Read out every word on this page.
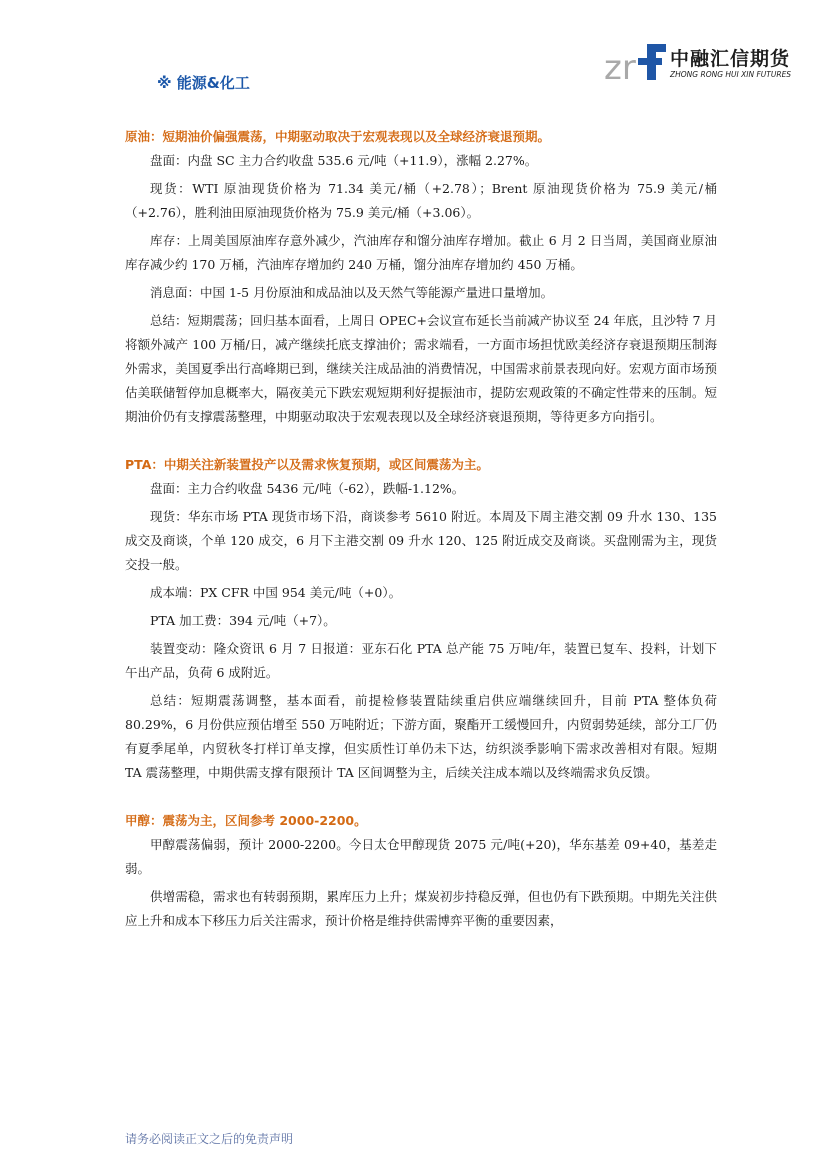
zr 中融汇信期货
ZHONG RONG HUI XIN FUTURES
※ 能源&化工
原油：短期油价偏强震荡，中期驱动取决于宏观表现以及全球经济衰退预期。

盘面：内盘 SC 主力合约收盘 535.6 元/吨（+11.9），涨幅 2.27%。

现货：WTI 原油现货价格为 71.34 美元/桶（+2.78）；Brent 原油现货价格为 75.9 美元/桶（+2.76），胜利油田原油现货价格为 75.9 美元/桶（+3.06）。

库存：上周美国原油库存意外减少，汽油库存和馏分油库存增加。截止 6 月 2 日当周，美国商业原油库存减少约 170 万桶，汽油库存增加约 240 万桶，馏分油库存增加约 450 万桶。

消息面：中国 1-5 月份原油和成品油以及天然气等能源产量进口量增加。

总结：短期震荡；回归基本面看，上周日 OPEC+会议宣布延长当前减产协议至 24 年底，且沙特 7 月将额外减产 100 万桶/日，减产继续托底支撑油价；需求端看，一方面市场担忧欧美经济存衰退预期压制海外需求，美国夏季出行高峰期已到，继续关注成品油的消费情况，中国需求前景表现向好。宏观方面市场预估美联储暂停加息概率大，隔夜美元下跌宏观短期利好提振油市，提防宏观政策的不确定性带来的压制。短期油价仍有支撑震荡整理，中期驱动取决于宏观表现以及全球经济衰退预期，等待更多方向指引。

PTA：中期关注新装置投产以及需求恢复预期，或区间震荡为主。

盘面：主力合约收盘 5436 元/吨（-62），跌幅-1.12%。

现货：华东市场 PTA 现货市场下沿，商谈参考 5610 附近。本周及下周主港交割 09 升水 130、135 成交及商谈，个单 120 成交，6 月下主港交割 09 升水 120、125 附近成交及商谈。买盘刚需为主，现货交投一般。

成本端：PX CFR 中国 954 美元/吨（+0）。

PTA 加工费：394 元/吨（+7）。

装置变动：隆众资讯 6 月 7 日报道：亚东石化 PTA 总产能 75 万吨/年，装置已复车、投料，计划下午出产品，负荷 6 成附近。

总结：短期震荡调整，基本面看，前提检修装置陆续重启供应端继续回升，目前 PTA 整体负荷 80.29%，6 月份供应预估增至 550 万吨附近；下游方面，聚酯开工缓慢回升，内贸弱势延续，部分工厂仍有夏季尾单，内贸秋冬打样订单支撑，但实质性订单仍未下达，纺织淡季影响下需求改善相对有限。短期 TA 震荡整理，中期供需支撑有限预计 TA 区间调整为主，后续关注成本端以及终端需求负反馈。

甲醇：震荡为主，区间参考 2000-2200。

甲醇震荡偏弱，预计 2000-2200。今日太仓甲醇现货 2075 元/吨(+20)，华东基差 09+40，基差走弱。

供增需稳，需求也有转弱预期，累库压力上升；煤炭初步持稳反弹，但也仍有下跌预期。中期先关注供应上升和成本下移压力后关注需求，预计价格是维持供需博弈平衡的重要因素，

请务必阅读正文之后的免责声明
